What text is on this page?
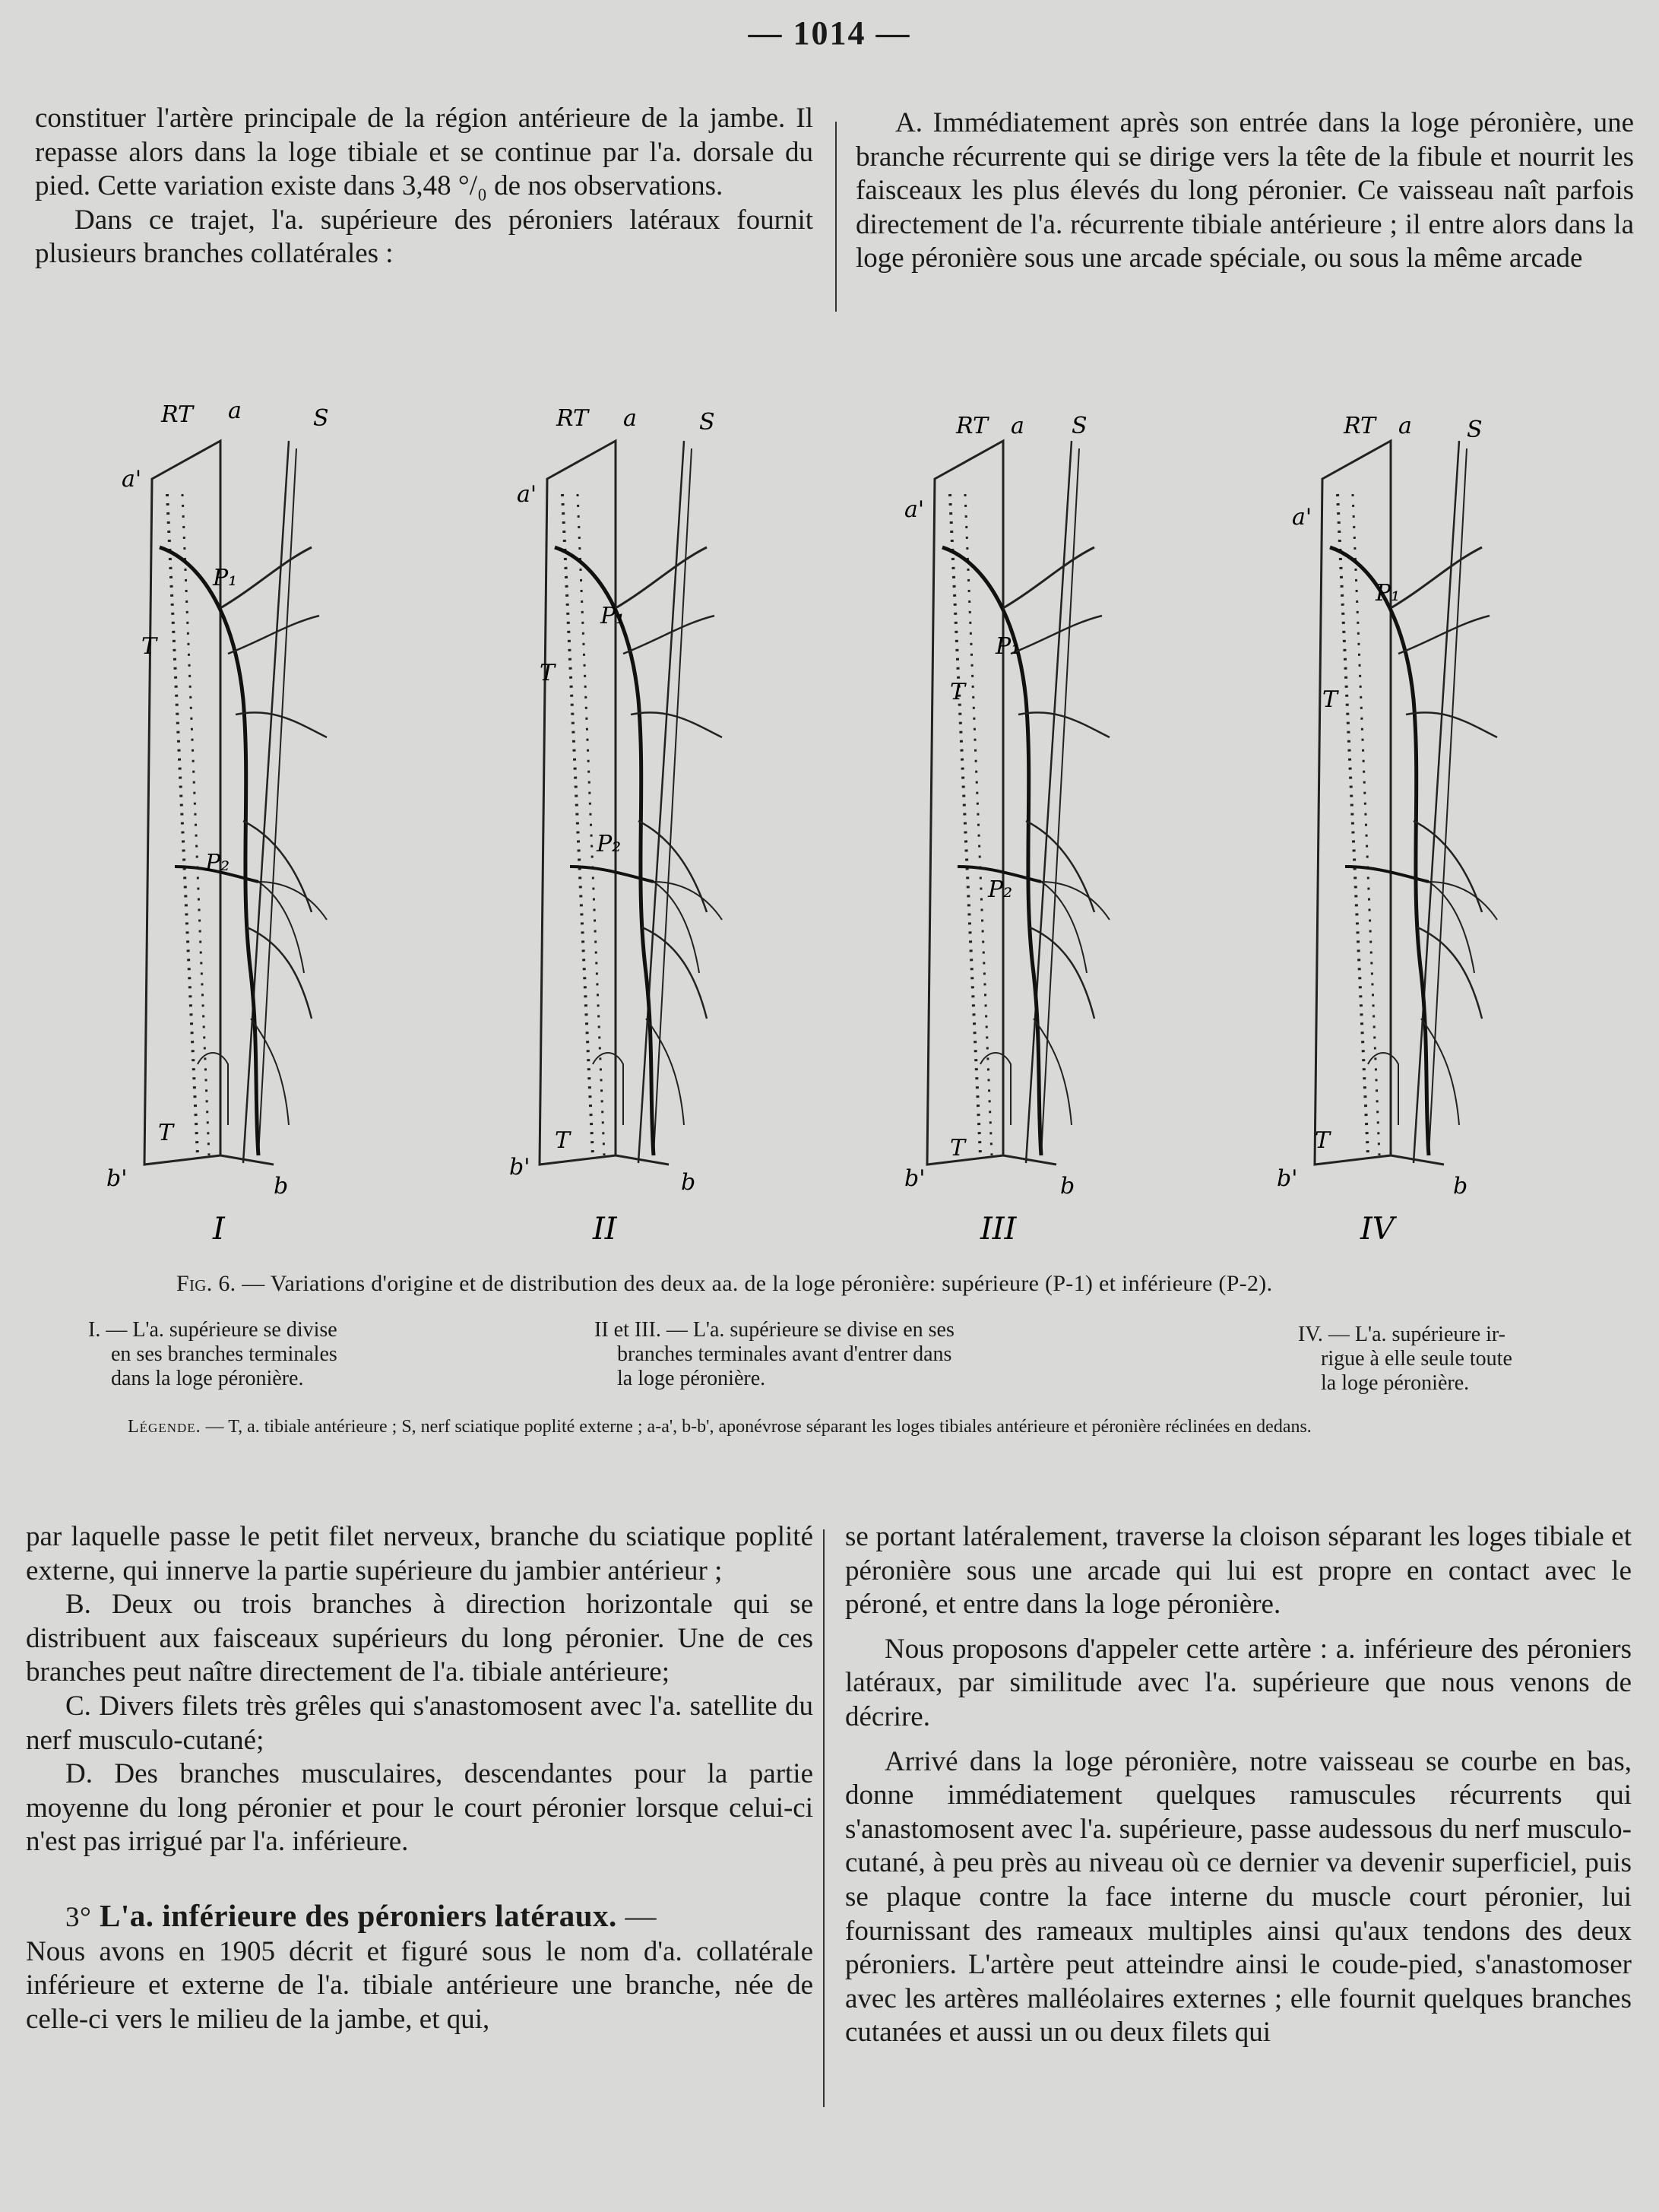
— 1014 —

constituer l'artère principale de la région antérieure de la jambe. Il repasse alors dans la loge tibiale et se continue par l'a. dorsale du pied. Cette variation existe dans 3,48 °/₀ de nos observations.

Dans ce trajet, l'a. supérieure des péroniers latéraux fournit plusieurs branches collatérales :

A. Immédiatement après son entrée dans la loge péronière, une branche récurrente qui se dirige vers la tête de la fibule et nourrit les faisceaux les plus élevés du long péronier. Ce vaisseau naît parfois directement de l'a. récurrente tibiale antérieure ; il entre alors dans la loge péronière sous une arcade spéciale, ou sous la même arcade

RT a	S
a'
P₁
T
P₂
T
b'	b
I
RT a	S
a'
P₁
T
P₂
T
b'
b
II
RT a S
a'
P₁
T
P₂
T
b'	b
III
RT a S
a'
P₁
T
T
b'	b
IV
Fig. 6. — Variations d'origine et de distribution des deux aa. de la loge péronière: supérieure (P-1) et inférieure (P-2).
I. — L'a. supérieure se divise
en ses branches terminales
dans la loge péronière.
II et III. — L'a. supérieure se divise en ses
branches terminales avant d'entrer dans
la loge péronière.
IV. — L'a. supérieure ir-
rigue à elle seule toute
la loge péronière.
Légende. — T, a. tibiale antérieure ; S, nerf sciatique poplité externe ; a-a', b-b', aponévrose séparant les loges tibiales antérieure et péronière réclinées en dedans.

par laquelle passe le petit filet nerveux, branche du sciatique poplité externe, qui innerve la partie supérieure du jambier antérieur ;

B. Deux ou trois branches à direction horizontale qui se distribuent aux faisceaux supérieurs du long péronier. Une de ces branches peut naître directement de l'a. tibiale antérieure;

C. Divers filets très grêles qui s'anastomosent avec l'a. satellite du nerf musculo-cutané;

D. Des branches musculaires, descendantes pour la partie moyenne du long péronier et pour le court péronier lorsque celui-ci n'est pas irrigué par l'a. inférieure.

3° L'a. inférieure des péroniers latéraux. —

Nous avons en 1905 décrit et figuré sous le nom d'a. collatérale inférieure et externe de l'a. tibiale antérieure une branche, née de celle-ci vers le milieu de la jambe, et qui,

se portant latéralement, traverse la cloison séparant les loges tibiale et péronière sous une arcade qui lui est propre en contact avec le péroné, et entre dans la loge péronière.

Nous proposons d'appeler cette artère : a. inférieure des péroniers latéraux, par similitude avec l'a. supérieure que nous venons de décrire.

Arrivé dans la loge péronière, notre vaisseau se courbe en bas, donne immédiatement quelques ramuscules récurrents qui s'anastomosent avec l'a. supérieure, passe audessous du nerf musculo-cutané, à peu près au niveau où ce dernier va devenir superficiel, puis se plaque contre la face interne du muscle court péronier, lui fournissant des rameaux multiples ainsi qu'aux tendons des deux péroniers. L'artère peut atteindre ainsi le coude-pied, s'anastomoser avec les artères malléolaires externes ; elle fournit quelques branches cutanées et aussi un ou deux filets qui
